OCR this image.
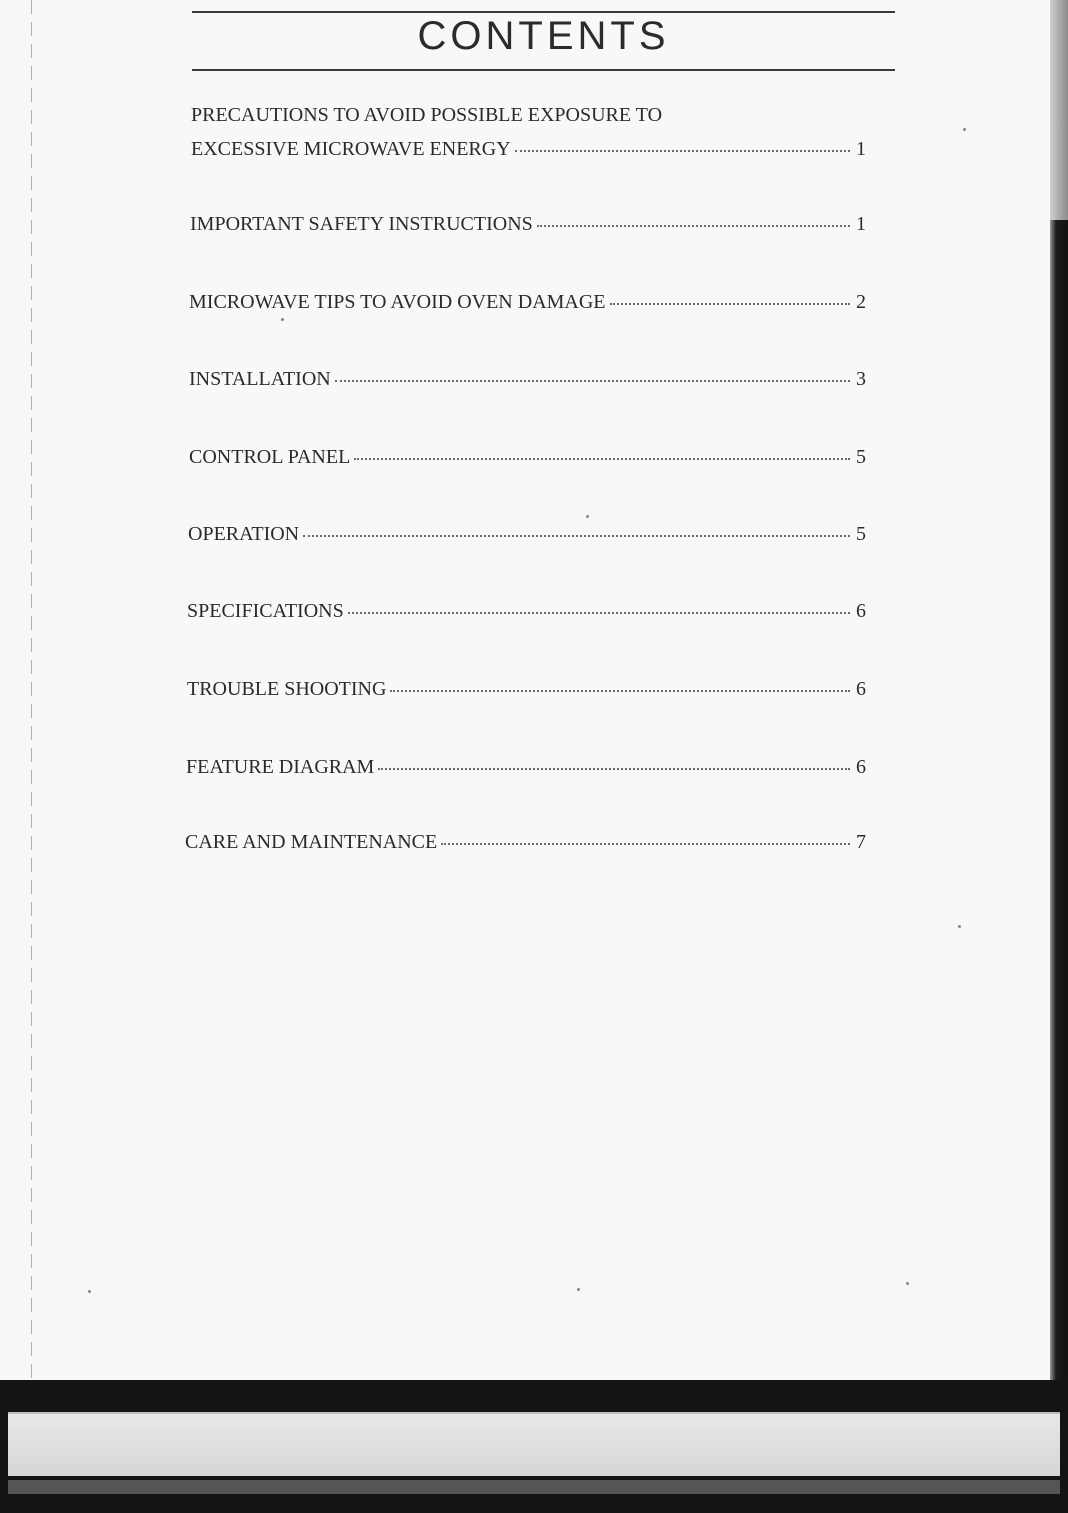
CONTENTS
PRECAUTIONS TO AVOID POSSIBLE EXPOSURE TO
EXCESSIVE MICROWAVE ENERGY	1
IMPORTANT SAFETY INSTRUCTIONS	1
MICROWAVE TIPS TO AVOID OVEN DAMAGE	2
INSTALLATION	3
CONTROL PANEL	5
OPERATION	5
SPECIFICATIONS	6
TROUBLE SHOOTING	6
FEATURE DIAGRAM	6
CARE AND MAINTENANCE	7
